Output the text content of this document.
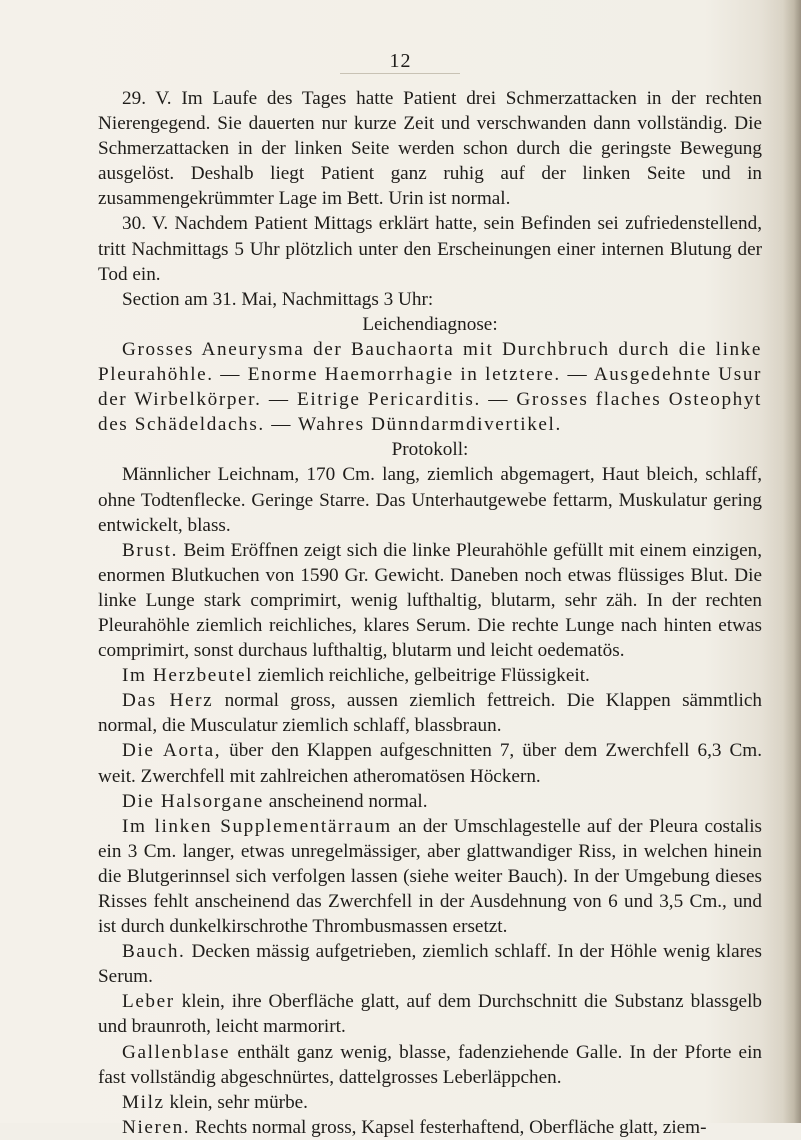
12

29. V. Im Laufe des Tages hatte Patient drei Schmerzattacken in der rechten Nierengegend. Sie dauerten nur kurze Zeit und verschwanden dann vollständig. Die Schmerzattacken in der linken Seite werden schon durch die geringste Bewegung ausgelöst. Deshalb liegt Patient ganz ruhig auf der linken Seite und in zusammengekrümmter Lage im Bett. Urin ist normal.

30. V. Nachdem Patient Mittags erklärt hatte, sein Befinden sei zufriedenstellend, tritt Nachmittags 5 Uhr plötzlich unter den Erscheinungen einer internen Blutung der Tod ein.

Section am 31. Mai, Nachmittags 3 Uhr:

Leichendiagnose:

Grosses Aneurysma der Bauchaorta mit Durchbruch durch die linke Pleurahöhle. — Enorme Haemorrhagie in letztere. — Ausgedehnte Usur der Wirbelkörper. — Eitrige Pericarditis. — Grosses flaches Osteophyt des Schädeldachs. — Wahres Dünndarmdivertikel.

Protokoll:

Männlicher Leichnam, 170 Cm. lang, ziemlich abgemagert, Haut bleich, schlaff, ohne Todtenflecke. Geringe Starre. Das Unterhautgewebe fettarm, Muskulatur gering entwickelt, blass.

Brust. Beim Eröffnen zeigt sich die linke Pleurahöhle gefüllt mit einem einzigen, enormen Blutkuchen von 1590 Gr. Gewicht. Daneben noch etwas flüssiges Blut. Die linke Lunge stark comprimirt, wenig lufthaltig, blutarm, sehr zäh. In der rechten Pleurahöhle ziemlich reichliches, klares Serum. Die rechte Lunge nach hinten etwas comprimirt, sonst durchaus lufthaltig, blutarm und leicht oedematös.

Im Herzbeutel ziemlich reichliche, gelbeitrige Flüssigkeit.

Das Herz normal gross, aussen ziemlich fettreich. Die Klappen sämmtlich normal, die Musculatur ziemlich schlaff, blassbraun.

Die Aorta, über den Klappen aufgeschnitten 7, über dem Zwerchfell 6,3 Cm. weit. Zwerchfell mit zahlreichen atheromatösen Höckern.

Die Halsorgane anscheinend normal.

Im linken Supplementärraum an der Umschlagestelle auf der Pleura costalis ein 3 Cm. langer, etwas unregelmässiger, aber glattwandiger Riss, in welchen hinein die Blutgerinnsel sich verfolgen lassen (siehe weiter Bauch). In der Umgebung dieses Risses fehlt anscheinend das Zwerchfell in der Ausdehnung von 6 und 3,5 Cm., und ist durch dunkelkirschrothe Thrombusmassen ersetzt.

Bauch. Decken mässig aufgetrieben, ziemlich schlaff. In der Höhle wenig klares Serum.

Leber klein, ihre Oberfläche glatt, auf dem Durchschnitt die Substanz blassgelb und braunroth, leicht marmorirt.

Gallenblase enthält ganz wenig, blasse, fadenziehende Galle. In der Pforte ein fast vollständig abgeschnürtes, dattelgrosses Leberläppchen.

Milz klein, sehr mürbe.

Nieren. Rechts normal gross, Kapsel festerhaftend, Oberfläche glatt, ziem-
